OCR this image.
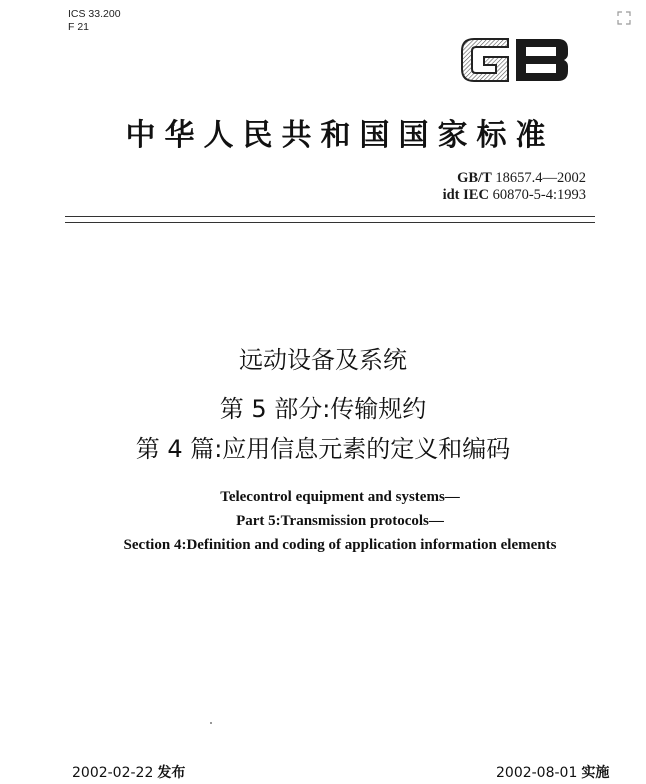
ICS 33.200
F 21
中华人民共和国国家标准
GB/T 18657.4—2002
idt IEC 60870-5-4:1993
远动设备及系统
第 5 部分:传输规约
第 4 篇:应用信息元素的定义和编码
Telecontrol equipment and systems—
Part 5:Transmission protocols—
Section 4:Definition and coding of application information elements
2002-02-22 发布	2002-08-01 实施
